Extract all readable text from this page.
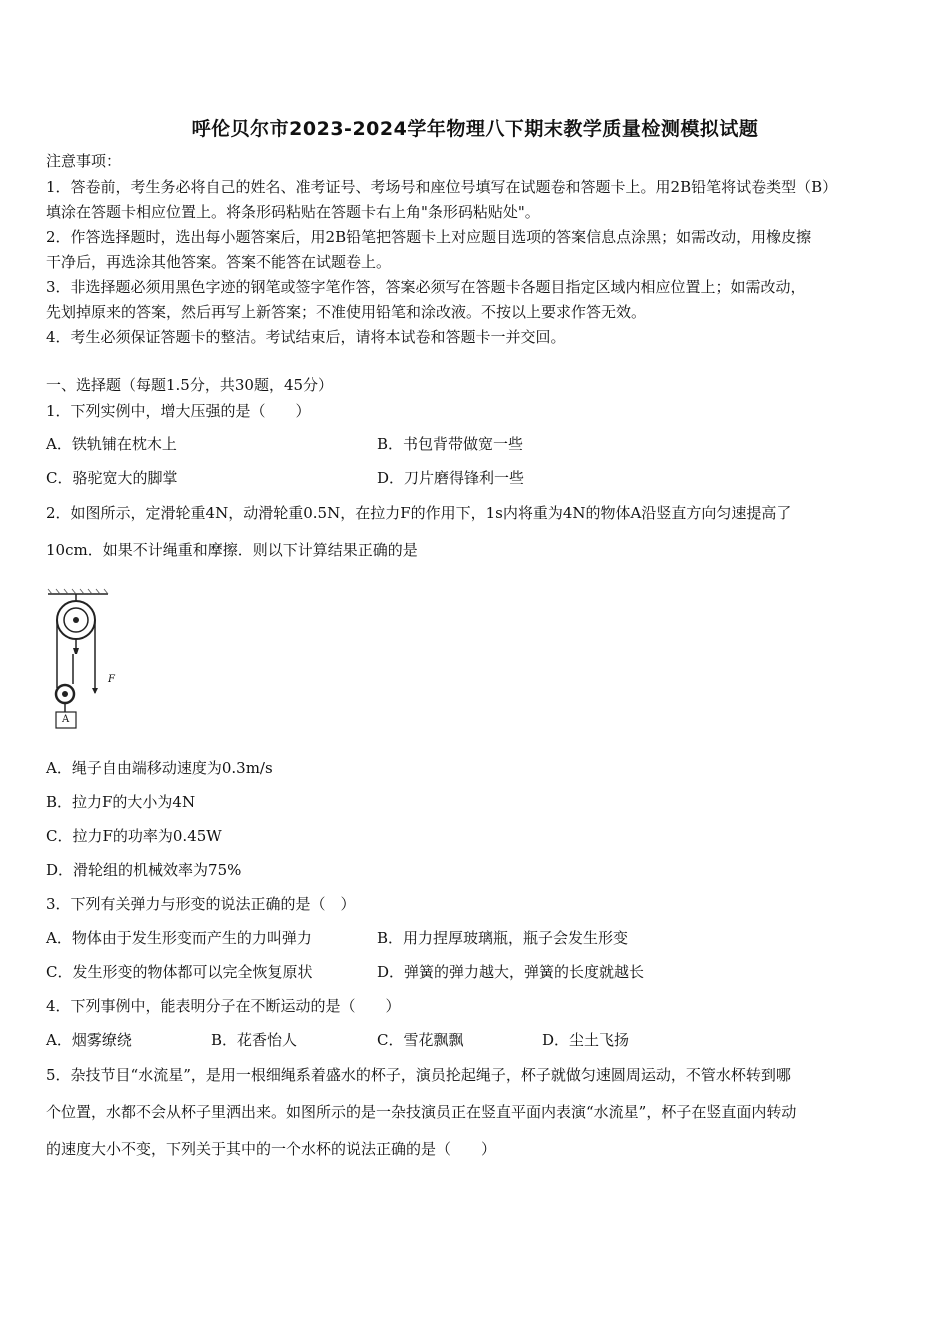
呼伦贝尔市2023-2024学年物理八下期末教学质量检测模拟试题
注意事项：
1．答卷前，考生务必将自己的姓名、准考证号、考场号和座位号填写在试题卷和答题卡上。用2B铅笔将试卷类型（B）
填涂在答题卡相应位置上。将条形码粘贴在答题卡右上角"条形码粘贴处"。
2．作答选择题时，选出每小题答案后，用2B铅笔把答题卡上对应题目选项的答案信息点涂黑；如需改动，用橡皮擦
干净后，再选涂其他答案。答案不能答在试题卷上。
3．非选择题必须用黑色字迹的钢笔或签字笔作答，答案必须写在答题卡各题目指定区域内相应位置上；如需改动，
先划掉原来的答案，然后再写上新答案；不准使用铅笔和涂改液。不按以上要求作答无效。
4．考生必须保证答题卡的整洁。考试结束后，请将本试卷和答题卡一并交回。
一、选择题（每题1.5分，共30题，45分）
1．下列实例中，增大压强的是（　　）
A．铁轨铺在枕木上	B．书包背带做宽一些
C．骆驼宽大的脚掌	D．刀片磨得锋利一些
2．如图所示，定滑轮重4N，动滑轮重0.5N，在拉力F的作用下，1s内将重为4N的物体A沿竖直方向匀速提高了
10cm．如果不计绳重和摩擦．则以下计算结果正确的是
F
A
A．绳子自由端移动速度为0.3m/s
B．拉力F的大小为4N
C．拉力F的功率为0.45W
D．滑轮组的机械效率为75%
3．下列有关弹力与形变的说法正确的是（　）
A．物体由于发生形变而产生的力叫弹力	B．用力捏厚玻璃瓶，瓶子会发生形变
C．发生形变的物体都可以完全恢复原状	D．弹簧的弹力越大，弹簧的长度就越长
4．下列事例中，能表明分子在不断运动的是（　　）
A．烟雾缭绕	B．花香怡人	C．雪花飘飘	D．尘土飞扬
5．杂技节目“水流星”，是用一根细绳系着盛水的杯子，演员抡起绳子，杯子就做匀速圆周运动，不管水杯转到哪
个位置，水都不会从杯子里洒出来。如图所示的是一杂技演员正在竖直平面内表演“水流星”，杯子在竖直面内转动
的速度大小不变，下列关于其中的一个水杯的说法正确的是（　　）
